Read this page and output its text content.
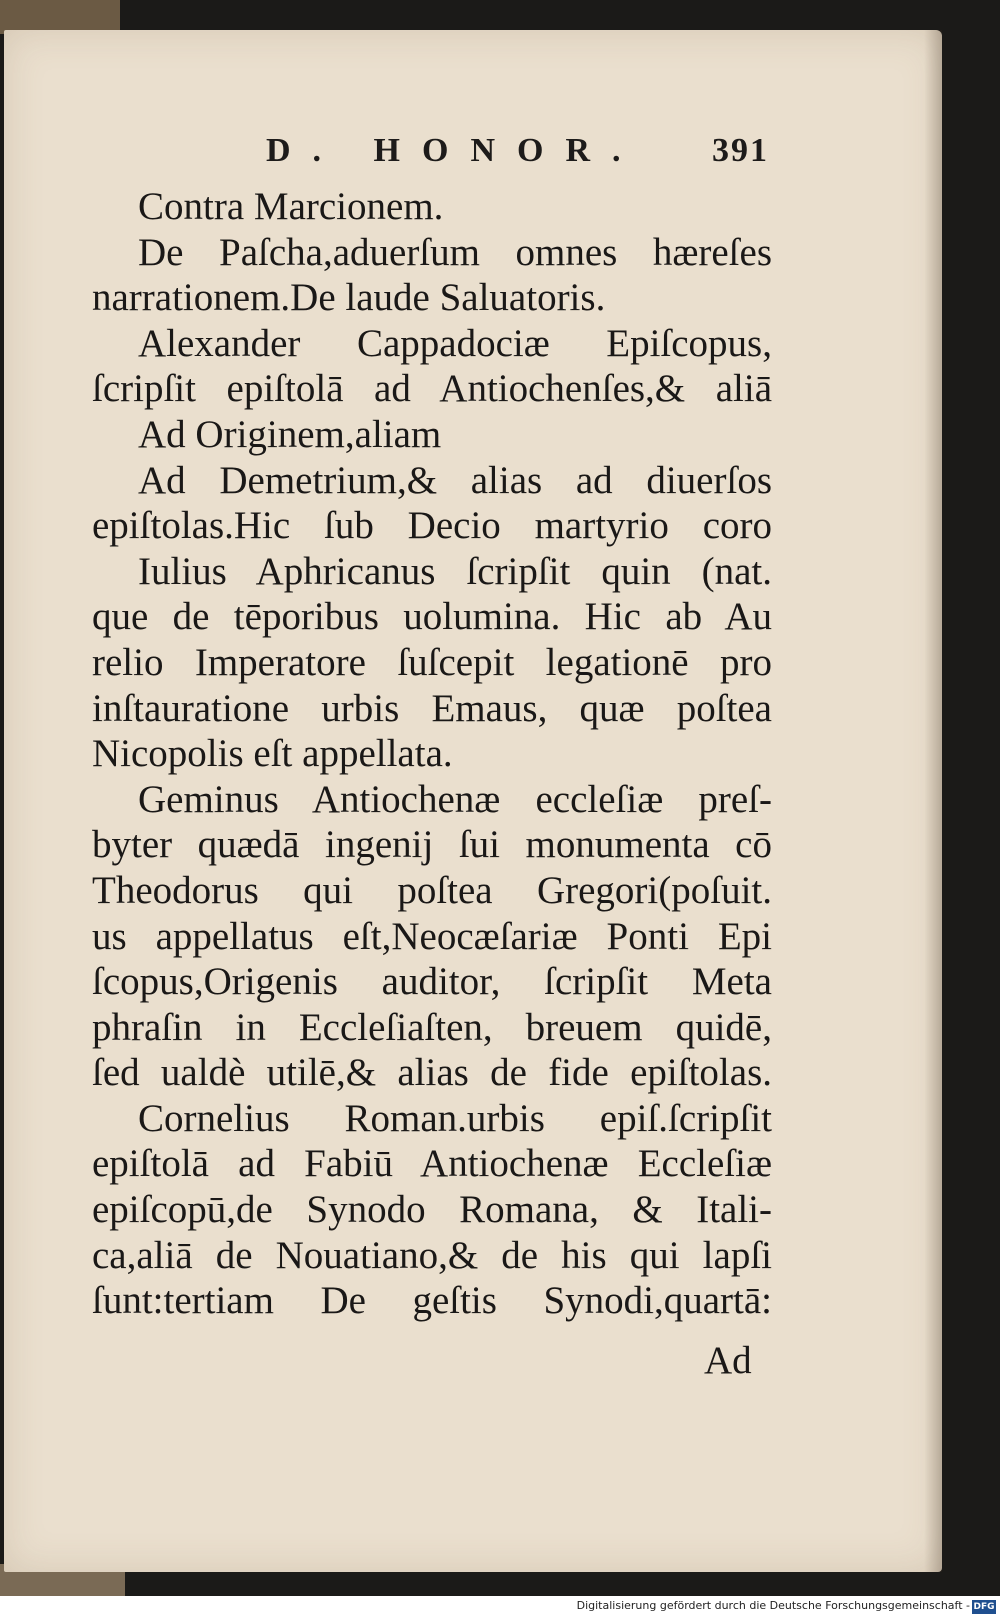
D. HONOR. 391
Contra Marcionem.
De Paſcha,aduerſum omnes hæreſes
narrationem.De laude Saluatoris.
Alexander Cappadociæ Epiſcopus,
ſcripſit epiſtolā ad Antiochenſes,& aliā
Ad Originem,aliam
Ad Demetrium,& alias ad diuerſos
epiſtolas.Hic ſub Decio martyrio coro
Iulius Aphricanus ſcripſit quin (nat.
que de tēporibus uolumina. Hic ab Au
relio Imperatore ſuſcepit legationē pro
inſtauratione urbis Emaus, quæ poſtea
Nicopolis eſt appellata.
Geminus Antiochenæ eccleſiæ preſ-
byter quædā ingenij ſui monumenta cō
Theodorus qui poſtea Gregori(poſuit.
us appellatus eſt,Neocæſariæ Ponti Epi
ſcopus,Origenis auditor, ſcripſit Meta
phraſin in Eccleſiaſten, breuem quidē,
ſed ualdè utilē,& alias de fide epiſtolas.
Cornelius Roman.urbis epiſ.ſcripſit
epiſtolā ad Fabiū Antiochenæ Eccleſiæ
epiſcopū,de Synodo Romana, & Itali-
ca,aliā de Nouatiano,& de his qui lapſi
ſunt:tertiam De geſtis Synodi,quartā:
Ad
Digitalisierung gefördert durch die Deutsche Forschungsgemeinschaft - DFG
